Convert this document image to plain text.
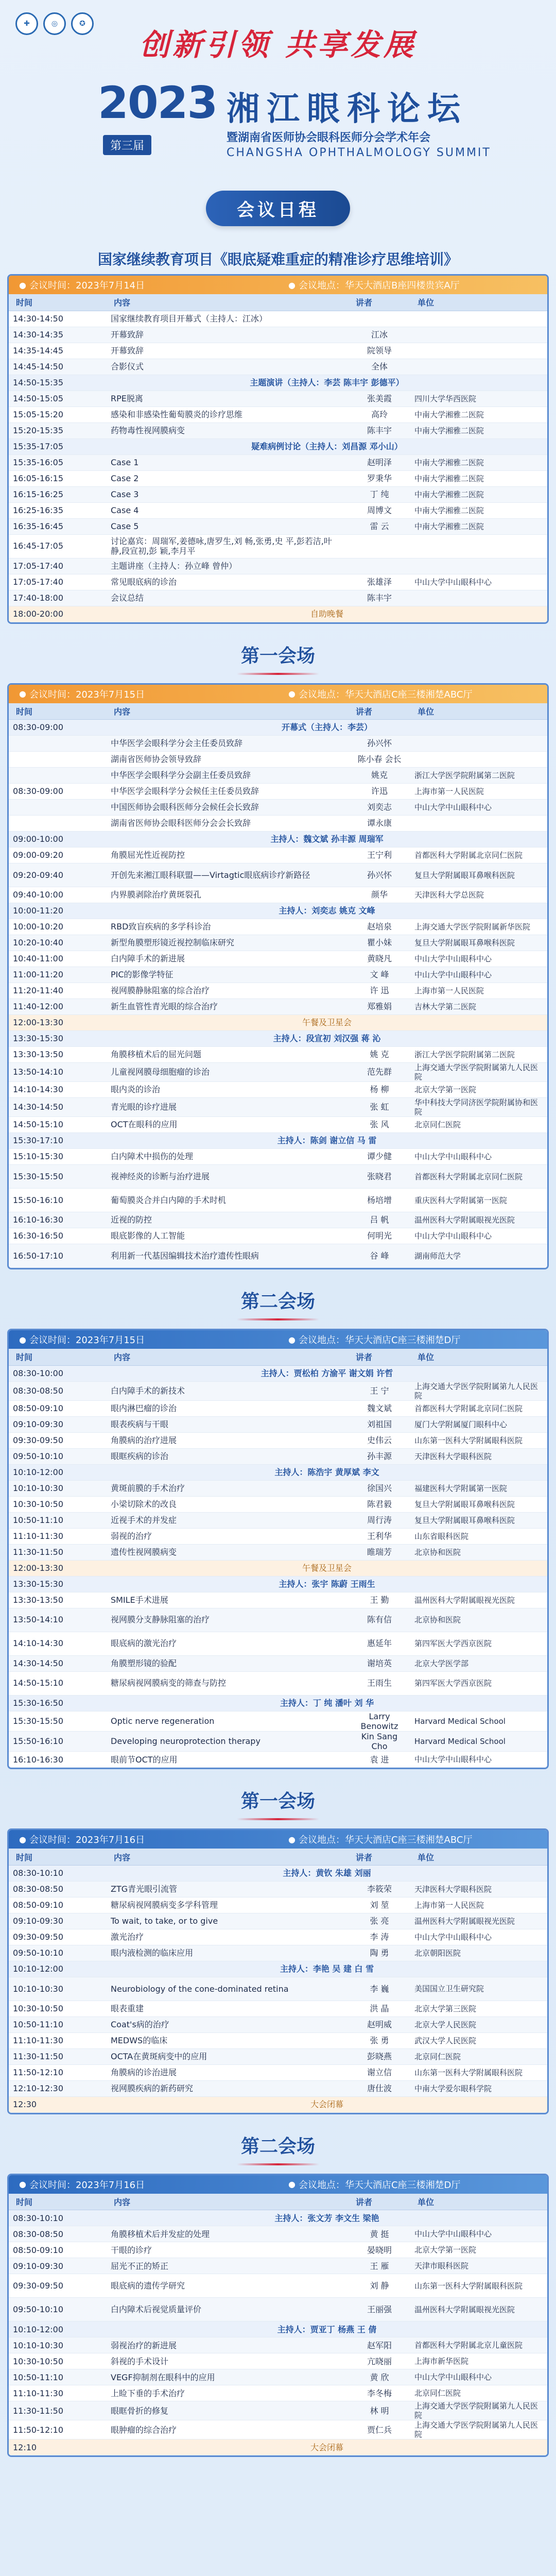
✚	◎	✪
创新引领 共享发展
2023
第三届
湘江眼科论坛
暨湖南省医师协会眼科医师分会学术年会
CHANGSHA OPHTHALMOLOGY SUMMIT
会议日程
国家继续教育项目《眼底疑难重症的精准诊疗思维培训》
● 会议时间：2023年7月14日	● 会议地点：华天大酒店B座四楼贵宾A厅
时间	内容	讲者	单位
14:30-14:50	国家继续教育项目开幕式（主持人：江冰）		
14:30-14:35	开幕致辞	江冰	
14:35-14:45	开幕致辞	院领导	
14:45-14:50	合影仪式	全体	
14:50-15:35	主题演讲（主持人：李芸 陈丰宇 彭德平）		
14:50-15:05	RPE脱离	张美霞	四川大学华西医院
15:05-15:20	感染和非感染性葡萄膜炎的诊疗思维	高玲	中南大学湘雅二医院
15:20-15:35	药物毒性视网膜病变	陈丰宇	中南大学湘雅二医院
15:35-17:05	疑难病例讨论（主持人：刘昌源 邓小山）		
15:35-16:05	Case 1	赵明泽	中南大学湘雅二医院
16:05-16:15	Case 2	罗秉华	中南大学湘雅二医院
16:15-16:25	Case 3	丁 纯	中南大学湘雅二医院
16:25-16:35	Case 4	周博文	中南大学湘雅二医院
16:35-16:45	Case 5	雷 云	中南大学湘雅二医院
16:45-17:05	讨论嘉宾：周瑞军,姜德咏,唐罗生,刘 畅,张勇,史 平,彭若洁,叶 静,段宣初,彭 颖,李月平		
17:05-17:40	主题讲座（主持人：孙立峰 曾仲）		
17:05-17:40	常见眼底病的诊治	张雄泽	中山大学中山眼科中心
17:40-18:00	会议总结	陈丰宇	
18:00-20:00	自助晚餐		
第一会场
● 会议时间：2023年7月15日	● 会议地点：华天大酒店C座三楼湘楚ABC厅
时间	内容	讲者	单位
08:30-09:00	开幕式（主持人：李芸）		
	中华医学会眼科学分会主任委员致辞	孙兴怀	
	湖南省医师协会领导致辞	陈小春 会长	
	中华医学会眼科学分会副主任委员致辞	姚克	浙江大学医学院附属第二医院
08:30-09:00	中华医学会眼科学分会候任主任委员致辞	许迅	上海市第一人民医院
	中国医师协会眼科医师分会候任会长致辞	刘奕志	中山大学中山眼科中心
	湖南省医师协会眼科医师分会会长致辞	谭永康	
09:00-10:00	主持人：魏文斌 孙丰源 周瑞军		
09:00-09:20	角膜屈光性近视防控	王宁利	首都医科大学附属北京同仁医院
09:20-09:40	开创先来湘江眼科联盟——Virtagtic眼底病诊疗新路径	孙兴怀	复旦大学附属眼耳鼻喉科医院
09:40-10:00	内界膜剥除治疗黄斑裂孔	颜华	天津医科大学总医院
10:00-11:20	主持人：刘奕志 姚克 文峰		
10:00-10:20	RBD致盲疾病的多学科诊治	赵培泉	上海交通大学医学院附属新华医院
10:20-10:40	新型角膜塑形镜近视控制临床研究	瞿小妹	复旦大学附属眼耳鼻喉科医院
10:40-11:00	白内障手术的新进展	黄晓凡	中山大学中山眼科中心
11:00-11:20	PIC的影像学特征	文 峰	中山大学中山眼科中心
11:20-11:40	视网膜静脉阻塞的综合治疗	许 迅	上海市第一人民医院
11:40-12:00	新生血管性青光眼的综合治疗	郑雅娟	吉林大学第二医院
12:00-13:30	午餐及卫星会		
13:30-15:30	主持人：段宣初 刘汉强 蒋 沁		
13:30-13:50	角膜移植术后的屈光问题	姚 克	浙江大学医学院附属第二医院
13:50-14:10	儿童视网膜母细胞瘤的诊治	范先群	上海交通大学医学院附属第九人民医院
14:10-14:30	眼内炎的诊治	杨 柳	北京大学第一医院
14:30-14:50	青光眼的诊疗进展	张 虹	华中科技大学同济医学院附属协和医院
14:50-15:10	OCT在眼科的应用	张 风	北京同仁医院
15:30-17:10	主持人：陈剑 谢立信 马 雷		
15:10-15:30	白内障术中损伤的处理	谭少健	中山大学中山眼科中心
15:30-15:50	视神经炎的诊断与治疗进展	张晓君	首都医科大学附属北京同仁医院
15:50-16:10	葡萄膜炎合并白内障的手术时机	杨培增	重庆医科大学附属第一医院
16:10-16:30	近视的防控	吕 帆	温州医科大学附属眼视光医院
16:30-16:50	眼底影像的人工智能	何明光	中山大学中山眼科中心
16:50-17:10	利用新一代基因编辑技术治疗遗传性眼病	谷 峰	湖南师范大学
第二会场
● 会议时间：2023年7月15日	● 会议地点：华天大酒店C座三楼湘楚D厅
时间	内容	讲者	单位
08:30-10:00	主持人：贾松柏 方渝平 谢文娟 许哲		
08:30-08:50	白内障手术的新技术	王 宁	上海交通大学医学院附属第九人民医院
08:50-09:10	眼内淋巴瘤的诊治	魏文斌	首都医科大学附属北京同仁医院
09:10-09:30	眼表疾病与干眼	刘祖国	厦门大学附属厦门眼科中心
09:30-09:50	角膜病的治疗进展	史伟云	山东第一医科大学附属眼科医院
09:50-10:10	眼眶疾病的诊治	孙丰源	天津医科大学眼科医院
10:10-12:00	主持人：陈浩宇 黄厚斌 李文		
10:10-10:30	黄斑前膜的手术治疗	徐国兴	福建医科大学附属第一医院
10:30-10:50	小梁切除术的改良	陈君毅	复旦大学附属眼耳鼻喉科医院
10:50-11:10	近视手术的并发症	周行涛	复旦大学附属眼耳鼻喉科医院
11:10-11:30	弱视的治疗	王利华	山东省眼科医院
11:30-11:50	遗传性视网膜病变	睢瑞芳	北京协和医院
12:00-13:30	午餐及卫星会		
13:30-15:30	主持人：张宇 陈蔚 王雨生		
13:30-13:50	SMILE手术进展	王 勤	温州医科大学附属眼视光医院
13:50-14:10	视网膜分支静脉阻塞的治疗	陈有信	北京协和医院
14:10-14:30	眼底病的激光治疗	惠延年	第四军医大学西京医院
14:30-14:50	角膜塑形镜的验配	谢培英	北京大学医学部
14:50-15:10	糖尿病视网膜病变的筛查与防控	王雨生	第四军医大学西京医院
15:30-16:50	主持人：丁 纯 潘叶 刘 华		
15:30-15:50	Optic nerve regeneration	Larry Benowitz	Harvard Medical School
15:50-16:10	Developing neuroprotection therapy	Kin Sang Cho	Harvard Medical School
16:10-16:30	眼前节OCT的应用	袁 进	中山大学中山眼科中心
第一会场
● 会议时间：2023年7月16日	● 会议地点：华天大酒店C座三楼湘楚ABC厅
时间	内容	讲者	单位
08:30-10:10	主持人：黄钦 朱雄 刘丽		
08:30-08:50	ZTG青光眼引流管	李筱荣	天津医科大学眼科医院
08:50-09:10	糖尿病视网膜病变多学科管理	刘 堃	上海市第一人民医院
09:10-09:30	To wait, to take, or to give	张 亮	温州医科大学附属眼视光医院
09:30-09:50	激光治疗	李 涛	中山大学中山眼科中心
09:50-10:10	眼内液检测的临床应用	陶 勇	北京朝阳医院
10:10-12:00	主持人：李艳 吴 建 白 雪		
10:10-10:30	Neurobiology of the cone-dominated retina	李 巍	美国国立卫生研究院
10:30-10:50	眼表重建	洪 晶	北京大学第三医院
10:50-11:10	Coat's病的治疗	赵明威	北京大学人民医院
11:10-11:30	MEDWS的临床	张 勇	武汉大学人民医院
11:30-11:50	OCTA在黄斑病变中的应用	彭晓燕	北京同仁医院
11:50-12:10	角膜病的诊治进展	谢立信	山东第一医科大学附属眼科医院
12:10-12:30	视网膜疾病的新药研究	唐仕波	中南大学爱尔眼科学院
12:30	大会闭幕		
第二会场
● 会议时间：2023年7月16日	● 会议地点：华天大酒店C座三楼湘楚D厅
时间	内容	讲者	单位
08:30-10:10	主持人：张文芳 李文生 梁艳		
08:30-08:50	角膜移植术后并发症的处理	黄 挺	中山大学中山眼科中心
08:50-09:10	干眼的诊疗	晏晓明	北京大学第一医院
09:10-09:30	屈光不正的矫正	王 雁	天津市眼科医院
09:30-09:50	眼底病的遗传学研究	刘 静	山东第一医科大学附属眼科医院
09:50-10:10	白内障术后视觉质量评价	王丽强	温州医科大学附属眼视光医院
10:10-12:00	主持人：贾亚丁 杨燕 王 倩		
10:10-10:30	弱视治疗的新进展	赵军阳	首都医科大学附属北京儿童医院
10:30-10:50	斜视的手术设计	亢晓丽	上海市新华医院
10:50-11:10	VEGF抑制剂在眼科中的应用	黄 欣	中山大学中山眼科中心
11:10-11:30	上睑下垂的手术治疗	李冬梅	北京同仁医院
11:30-11:50	眼眶骨折的修复	林 明	上海交通大学医学院附属第九人民医院
11:50-12:10	眼肿瘤的综合治疗	贾仁兵	上海交通大学医学院附属第九人民医院
12:10	大会闭幕		
